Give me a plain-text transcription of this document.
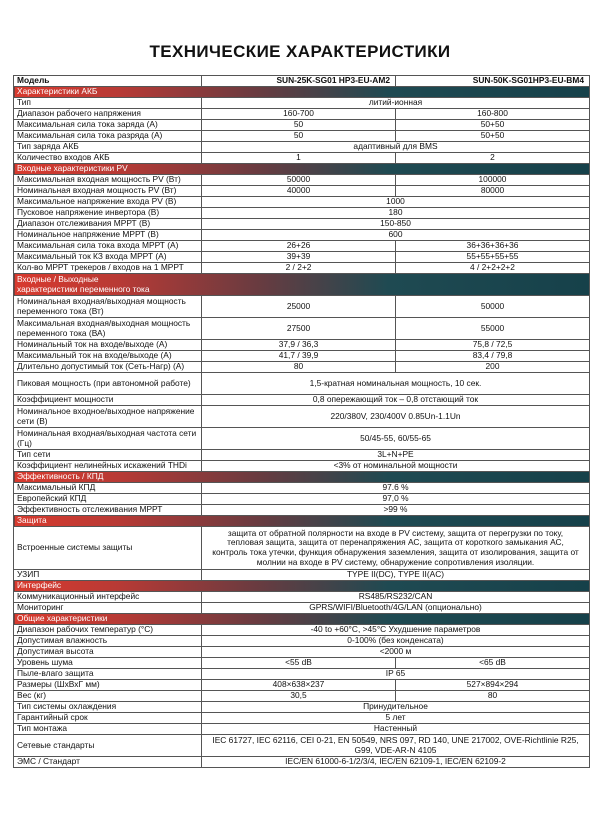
ТЕХНИЧЕСКИЕ ХАРАКТЕРИСТИКИ
Модель	SUN-25K-SG01 HP3-EU-AM2	SUN-50K-SG01HP3-EU-BM4
Характеристики АКБ		
Тип	литий-ионная	
Диапазон рабочего напряжения	160-700	160-800
Максимальная сила тока заряда (А)	50	50+50
Максимальная сила тока разряда (А)	50	50+50
Тип заряда АКБ	адаптивный для BMS	
Количество входов АКБ	1	2
Входные характеристики PV		
Максимальная входная мощность PV (Вт)	50000	100000
Номинальная входная мощность PV (Вт)	40000	80000
Максимальное напряжение входа PV (В)	1000	
Пусковое напряжение инвертора (В)	180	
Диапазон отслеживания МРРТ (В)	150-850	
Номинальное напряжение МРРТ (В)	600	
Максимальная сила тока входа МРРТ (А)	26+26	36+36+36+36
Максимальный ток КЗ входа МРРТ (А)	39+39	55+55+55+55
Кол-во МРРТ трекеров / входов на 1 МРРТ	2 / 2+2	4 / 2+2+2+2
Входные / Выходные характеристики переменного тока		
Номинальная входная/выходная мощность переменного тока (Вт)	25000	50000
Максимальная входная/выходная мощность переменного тока (ВА)	27500	55000
Номинальный ток на входе/выходе (А)	37,9 / 36,3	75,8 / 72,5
Максимальный ток на входе/выходе (А)	41,7 / 39,9	83,4 / 79,8
Длительно допустимый ток (Сеть-Нагр) (А)	80	200
Пиковая мощность (при автономной работе)	1,5-кратная номинальная мощность, 10 сек.	
Коэффициент мощности	0,8 опережающий ток – 0,8 отстающий ток	
Номинальное входное/выходное напряжение сети (В)	220/380V, 230/400V 0.85Un-1.1Un	
Номинальная входная/выходная частота сети (Гц)	50/45-55, 60/55-65	
Тип сети	3L+N+PE	
Коэффициент нелинейных искажений THDi	<3% от номинальной мощности	
Эффективность / КПД		
Максимальный КПД	97.6 %	
Европейский КПД	97,0 %	
Эффективность отслеживания МРРТ	>99 %	
Защита		
Встроенные системы защиты	защита от обратной полярности на входе в PV систему, защита от перегрузки по току, тепловая защита, защита от перенапряжения АС, защита от короткого замыкания АС, контроль тока утечки, функция обнаружения заземления, защита от изолирования, защита от молнии на входе в PV систему, обнаружение сопротивления изоляции.	
УЗИП	TYPE II(DC), TYPE II(AC)	
Интерфейс		
Коммуникационный интерфейс	RS485/RS232/CAN	
Мониторинг	GPRS/WIFI/Bluetooth/4G/LAN (опционально)	
Общие характеристики		
Диапазон рабочих температур (°С)	-40 to +60°C, >45°C Ухудшение параметров	
Допустимая влажность	0-100% (без конденсата)	
Допустимая высота	<2000 м	
Уровень шума	<55 dB	<65 dB
Пыле-влаго защита	IP 65	
Размеры (ШхВхГ мм)	408×638×237	527×894×294
Вес (кг)	30,5	80
Тип системы охлаждения	Принудительное	
Гарантийный срок	5 лет	
Тип монтажа	Настенный	
Сетевые стандарты	IEC 61727, IEC 62116, CEI 0-21, EN 50549, NRS 097, RD 140, UNE 217002, OVE-Richtlinie R25, G99, VDE-AR-N 4105	
ЭМС / Стандарт	IEC/EN 61000-6-1/2/3/4, IEC/EN 62109-1, IEC/EN 62109-2	
